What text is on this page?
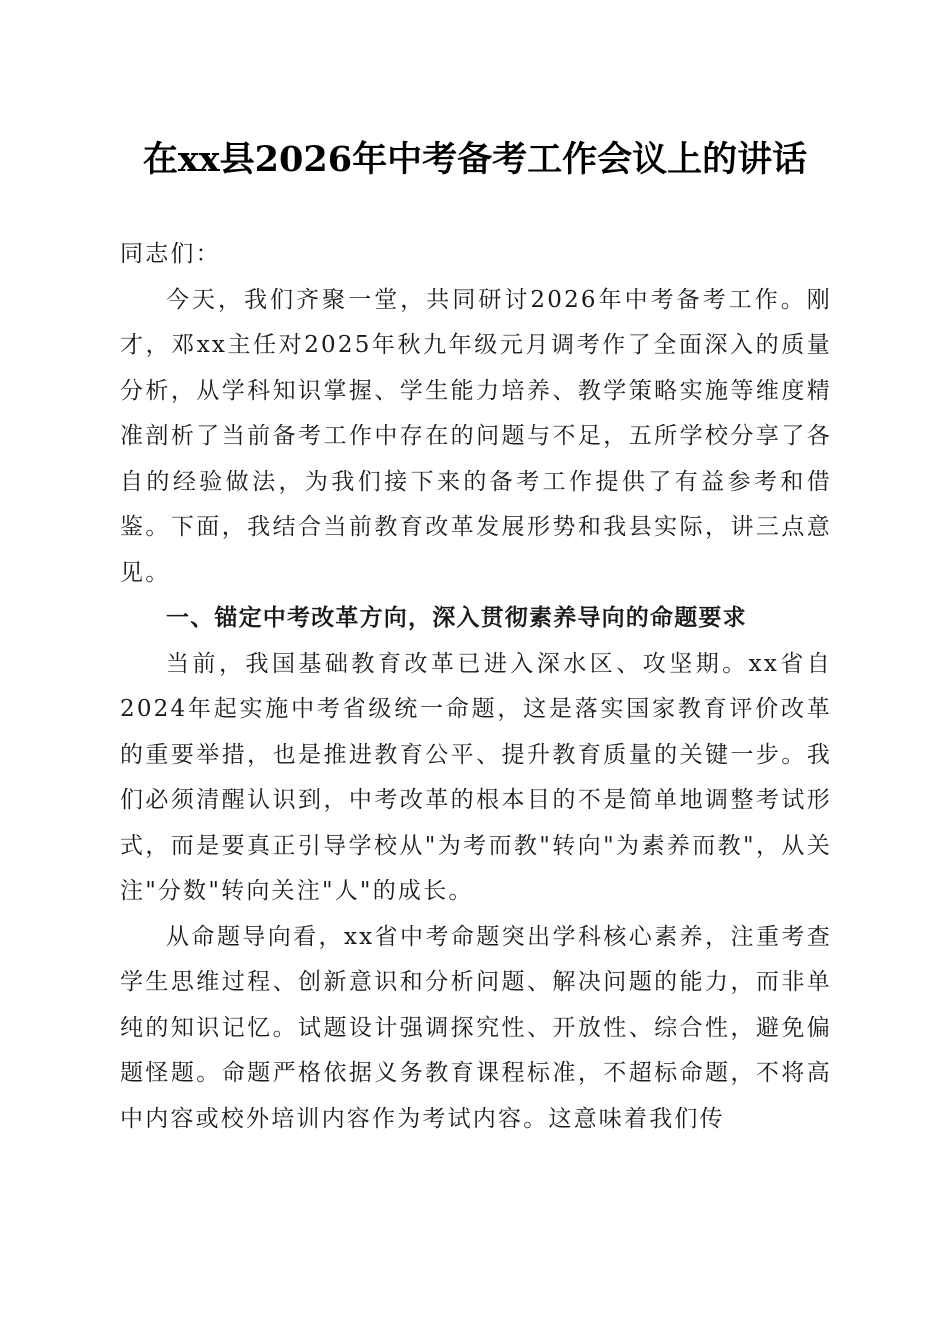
在xx县2026年中考备考工作会议上的讲话

同志们：

今天，我们齐聚一堂，共同研讨2026年中考备考工作。刚才，邓xx主任对2025年秋九年级元月调考作了全面深入的质量分析，从学科知识掌握、学生能力培养、教学策略实施等维度精准剖析了当前备考工作中存在的问题与不足，五所学校分享了各自的经验做法，为我们接下来的备考工作提供了有益参考和借鉴。下面，我结合当前教育改革发展形势和我县实际，讲三点意见。

一、锚定中考改革方向，深入贯彻素养导向的命题要求

当前，我国基础教育改革已进入深水区、攻坚期。xx省自2024年起实施中考省级统一命题，这是落实国家教育评价改革的重要举措，也是推进教育公平、提升教育质量的关键一步。我们必须清醒认识到，中考改革的根本目的不是简单地调整考试形式，而是要真正引导学校从"为考而教"转向"为素养而教"，从关注"分数"转向关注"人"的成长。

从命题导向看，xx省中考命题突出学科核心素养，注重考查学生思维过程、创新意识和分析问题、解决问题的能力，而非单纯的知识记忆。试题设计强调探究性、开放性、综合性，避免偏题怪题。命题严格依据义务教育课程标准，不超标命题，不将高中内容或校外培训内容作为考试内容。这意味着我们传
